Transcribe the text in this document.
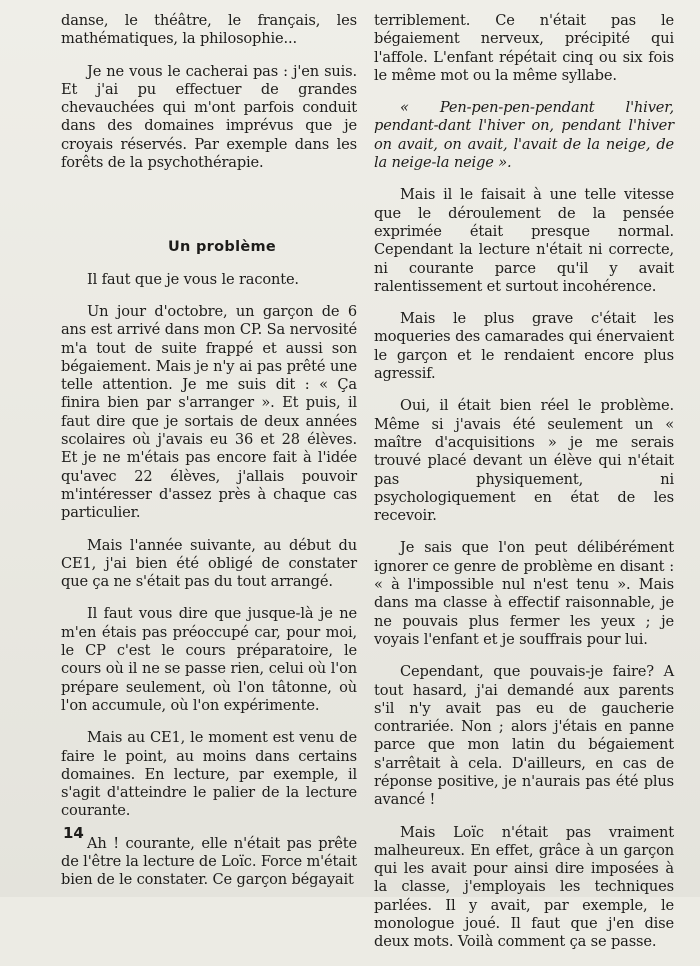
danse, le théâtre, le français, les mathématiques, la philosophie...

Je ne vous le cacherai pas : j'en suis. Et j'ai pu effectuer de grandes chevauchées qui m'ont parfois conduit dans des domaines imprévus que je croyais réservés. Par exemple dans les forêts de la psychothérapie.

Un problème

Il faut que je vous le raconte.

Un jour d'octobre, un garçon de 6 ans est arrivé dans mon CP. Sa nervosité m'a tout de suite frappé et aussi son bégaiement. Mais je n'y ai pas prêté une telle attention. Je me suis dit : « Ça finira bien par s'arranger ». Et puis, il faut dire que je sortais de deux années scolaires où j'avais eu 36 et 28 élèves. Et je ne m'étais pas encore fait à l'idée qu'avec 22 élèves, j'allais pouvoir m'intéresser d'assez près à chaque cas particulier.

Mais l'année suivante, au début du CE1, j'ai bien été obligé de constater que ça ne s'était pas du tout arrangé.

Il faut vous dire que jusque-là je ne m'en étais pas préoccupé car, pour moi, le CP c'est le cours préparatoire, le cours où il ne se passe rien, celui où l'on prépare seulement, où l'on tâtonne, où l'on accumule, où l'on expérimente.

Mais au CE1, le moment est venu de faire le point, au moins dans certains domaines. En lecture, par exemple, il s'agit d'atteindre le palier de la lecture courante.

Ah ! courante, elle n'était pas prête de l'être la lecture de Loïc. Force m'était bien de le constater. Ce garçon bégayait

terriblement. Ce n'était pas le bégaiement nerveux, précipité qui l'affole. L'enfant répétait cinq ou six fois le même mot ou la même syllabe.

« Pen-pen-pen-pendant l'hiver, pendant-dant l'hiver on, pendant l'hiver on avait, on avait, l'avait de la neige, de la neige-la neige ».

Mais il le faisait à une telle vitesse que le déroulement de la pensée exprimée était presque normal. Cependant la lecture n'était ni correcte, ni courante parce qu'il y avait ralentissement et surtout incohérence.

Mais le plus grave c'était les moqueries des camarades qui énervaient le garçon et le rendaient encore plus agressif.

Oui, il était bien réel le problème. Même si j'avais été seulement un « maître d'acquisitions » je me serais trouvé placé devant un élève qui n'était pas physiquement, ni psychologiquement en état de les recevoir.

Je sais que l'on peut délibérément ignorer ce genre de problème en disant : « à l'impossible nul n'est tenu ». Mais dans ma classe à effectif raisonnable, je ne pouvais plus fermer les yeux ; je voyais l'enfant et je souffrais pour lui.

Cependant, que pouvais-je faire? A tout hasard, j'ai demandé aux parents s'il n'y avait pas eu de gaucherie contrariée. Non ; alors j'étais en panne parce que mon latin du bégaiement s'arrêtait à cela. D'ailleurs, en cas de réponse positive, je n'aurais pas été plus avancé !

Mais Loïc n'était pas vraiment malheureux. En effet, grâce à un garçon qui les avait pour ainsi dire imposées à la classe, j'employais les techniques parlées. Il y avait, par exemple, le monologue joué. Il faut que j'en dise deux mots. Voilà comment ça se passe.

14
